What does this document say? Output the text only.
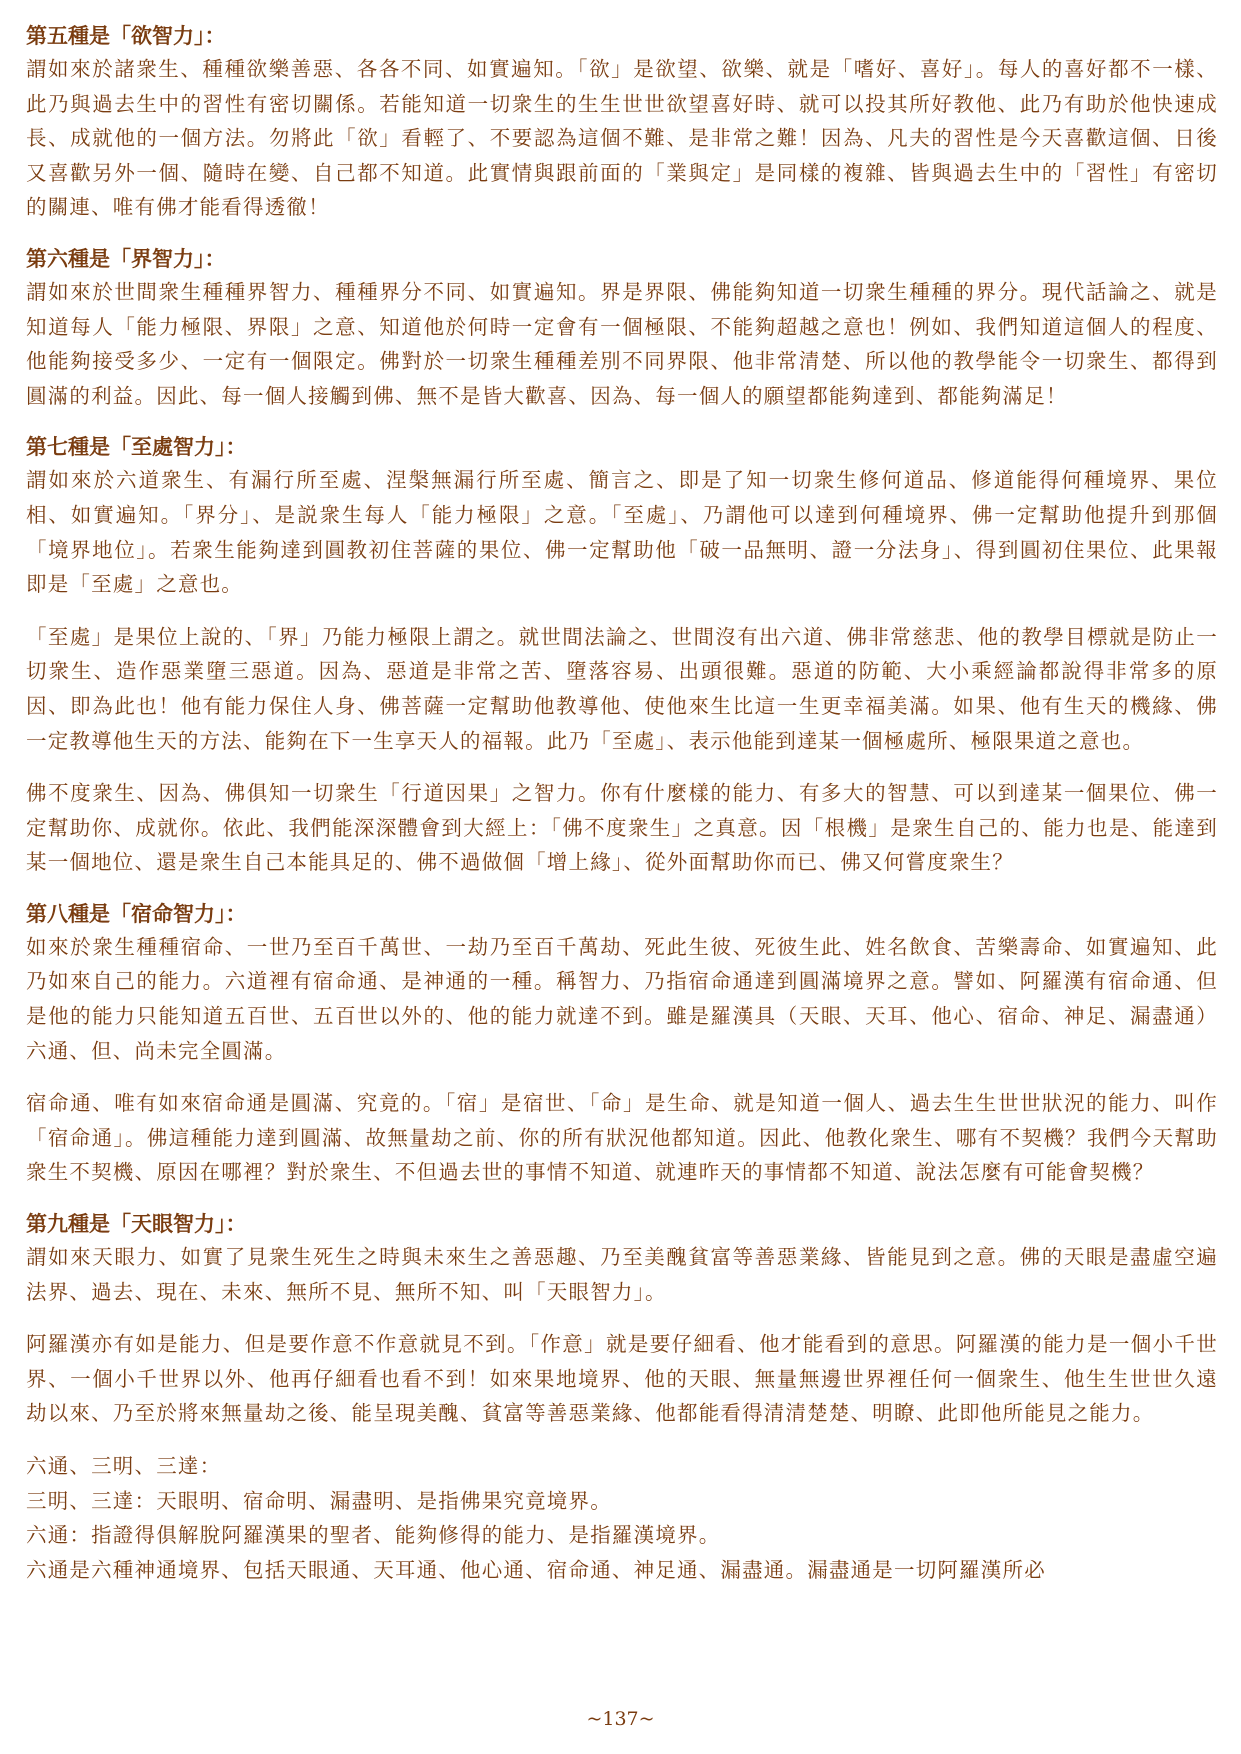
第五種是「欲智力」：

謂如來於諸衆生、種種欲樂善惡、各各不同、如實遍知。「欲」是欲望、欲樂、就是「嗜好、喜好」。每人的喜好都不一樣、此乃與過去生中的習性有密切關係。若能知道一切衆生的生生世世欲望喜好時、就可以投其所好教他、此乃有助於他快速成長、成就他的一個方法。勿將此「欲」看輕了、不要認為這個不難、是非常之難！因為、凡夫的習性是今天喜歡這個、日後又喜歡另外一個、隨時在變、自己都不知道。此實情與跟前面的「業與定」是同樣的複雜、皆與過去生中的「習性」有密切的關連、唯有佛才能看得透徹！

第六種是「界智力」：

謂如來於世間衆生種種界智力、種種界分不同、如實遍知。界是界限、佛能夠知道一切衆生種種的界分。現代話論之、就是知道每人「能力極限、界限」之意、知道他於何時一定會有一個極限、不能夠超越之意也！例如、我們知道這個人的程度、他能夠接受多少、一定有一個限定。佛對於一切衆生種種差別不同界限、他非常清楚、所以他的教學能令一切衆生、都得到圓滿的利益。因此、每一個人接觸到佛、無不是皆大歡喜、因為、每一個人的願望都能夠達到、都能夠滿足！

第七種是「至處智力」：

謂如來於六道衆生、有漏行所至處、涅槃無漏行所至處、簡言之、即是了知一切衆生修何道品、修道能得何種境界、果位相、如實遍知。「界分」、是説衆生每人「能力極限」之意。「至處」、乃謂他可以達到何種境界、佛一定幫助他提升到那個「境界地位」。若衆生能夠達到圓教初住菩薩的果位、佛一定幫助他「破一品無明、證一分法身」、得到圓初住果位、此果報即是「至處」之意也。

「至處」是果位上說的、「界」乃能力極限上謂之。就世間法論之、世間沒有出六道、佛非常慈悲、他的教學目標就是防止一切衆生、造作惡業墮三惡道。因為、惡道是非常之苦、墮落容易、出頭很難。惡道的防範、大小乘經論都說得非常多的原因、即為此也！他有能力保住人身、佛菩薩一定幫助他教導他、使他來生比這一生更幸福美滿。如果、他有生天的機緣、佛一定教導他生天的方法、能夠在下一生享天人的福報。此乃「至處」、表示他能到達某一個極處所、極限果道之意也。

佛不度衆生、因為、佛俱知一切衆生「行道因果」之智力。你有什麼樣的能力、有多大的智慧、可以到達某一個果位、佛一定幫助你、成就你。依此、我們能深深體會到大經上：「佛不度衆生」之真意。因「根機」是衆生自己的、能力也是、能達到某一個地位、還是衆生自己本能具足的、佛不過做個「增上緣」、從外面幫助你而已、佛又何嘗度衆生？

第八種是「宿命智力」：

如來於衆生種種宿命、一世乃至百千萬世、一劫乃至百千萬劫、死此生彼、死彼生此、姓名飲食、苦樂壽命、如實遍知、此乃如來自己的能力。六道裡有宿命通、是神通的一種。稱智力、乃指宿命通達到圓滿境界之意。譬如、阿羅漢有宿命通、但是他的能力只能知道五百世、五百世以外的、他的能力就達不到。雖是羅漢具（天眼、天耳、他心、宿命、神足、漏盡通）六通、但、尚未完全圓滿。

宿命通、唯有如來宿命通是圓滿、究竟的。「宿」是宿世、「命」是生命、就是知道一個人、過去生生世世狀況的能力、叫作「宿命通」。佛這種能力達到圓滿、故無量劫之前、你的所有狀況他都知道。因此、他教化衆生、哪有不契機？我們今天幫助衆生不契機、原因在哪裡？對於衆生、不但過去世的事情不知道、就連昨天的事情都不知道、說法怎麼有可能會契機？

第九種是「天眼智力」：

謂如來天眼力、如實了見衆生死生之時與未來生之善惡趣、乃至美醜貧富等善惡業緣、皆能見到之意。佛的天眼是盡虛空遍法界、過去、現在、未來、無所不見、無所不知、叫「天眼智力」。

阿羅漢亦有如是能力、但是要作意不作意就見不到。「作意」就是要仔細看、他才能看到的意思。阿羅漢的能力是一個小千世界、一個小千世界以外、他再仔細看也看不到！如來果地境界、他的天眼、無量無邊世界裡任何一個衆生、他生生世世久遠劫以來、乃至於將來無量劫之後、能呈現美醜、貧富等善惡業緣、他都能看得清清楚楚、明瞭、此即他所能見之能力。

六通、三明、三達：

三明、三達：天眼明、宿命明、漏盡明、是指佛果究竟境界。

六通：指證得俱解脫阿羅漢果的聖者、能夠修得的能力、是指羅漢境界。

六通是六種神通境界、包括天眼通、天耳通、他心通、宿命通、神足通、漏盡通。漏盡通是一切阿羅漢所必

~137~
